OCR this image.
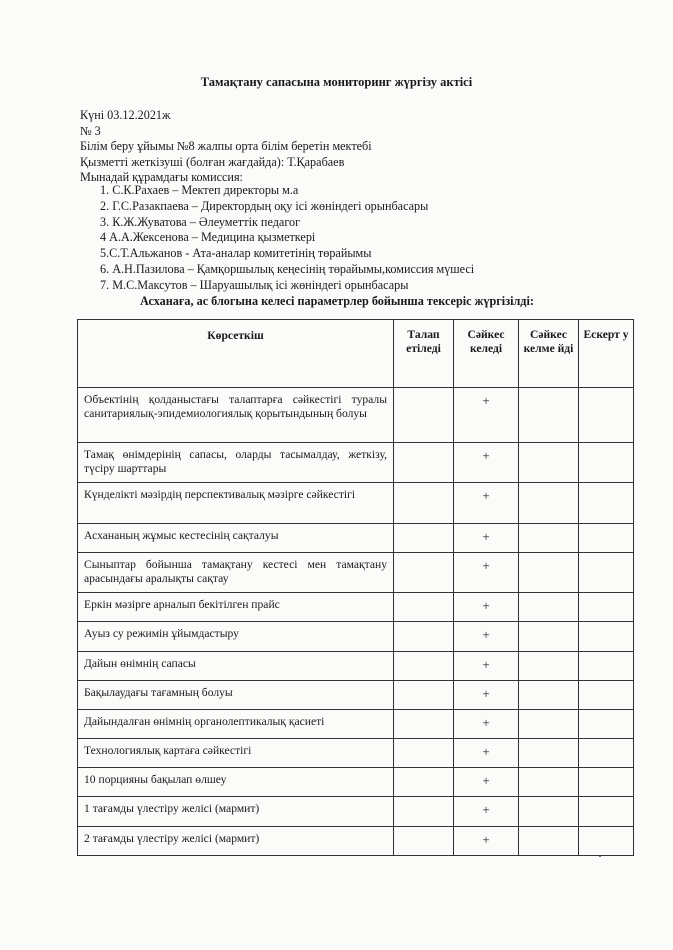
Тамақтану сапасына мониторинг жүргізу актісі
Күні 03.12.2021ж
№ 3
Білім беру ұйымы №8 жалпы орта білім беретін мектебі
Қызметті жеткізуші (болған жағдайда): Т.Қарабаев
Мынадай құрамдағы комиссия:
1. С.К.Рахаев – Мектеп директоры м.а
2. Г.С.Разакпаева – Директордың оқу ісі жөніндегі орынбасары
3. К.Ж.Жуватова – Әлеуметтік педагог
4 А.А.Жексенова – Медицина қызметкері
5.С.Т.Альжанов - Ата-аналар комитетінің төрайымы
6. А.Н.Пазилова – Қамқоршылық кеңесінің төрайымы,комиссия мүшесі
7. М.С.Максутов – Шаруашылық ісі жөніндегі орынбасары
Асханаға, ас блогына келесі параметрлер бойынша тексеріс жүргізілді:
Көрсеткіш	Талап етіледі	Сәйкес келеді	Сәйкес келме йді	Ескерт у
Объектінің қолданыстағы талаптарға сәйкестігі туралы санитариялық-эпидемиологиялық қорытындының болуы		+		
Тамақ өнімдерінің сапасы, оларды тасымалдау, жеткізу, түсіру шарттары		+		
Күнделікті мәзірдің перспективалық мәзірге сәйкестігі		+		
Асхананың жұмыс кестесінің сақталуы		+		
Сыныптар бойынша тамақтану кестесі мен тамақтану арасындағы аралықты сақтау		+		
Еркін мәзірге арналып бекітілген прайс		+		
Ауыз су режимін ұйымдастыру		+		
Дайын өнімнің сапасы		+		
Бақылаудағы тағамның болуы		+		
Дайындалған өнімнің органолептикалық қасиеті		+		
Технологиялық картаға сәйкестігі		+		
10 порцияны бақылап өлшеу		+		
1 тағамды үлестіру желісі (мармит)		+		
2 тағамды үлестіру желісі (мармит)		+		
